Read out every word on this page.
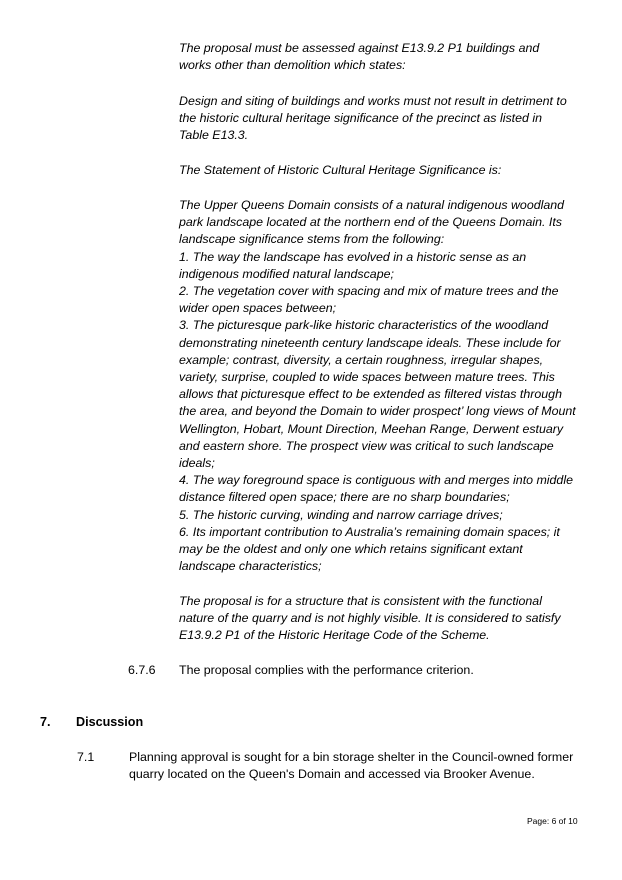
The proposal must be assessed against E13.9.2 P1 buildings and
works other than demolition which states:

Design and siting of buildings and works must not result in detriment to
the historic cultural heritage significance of the precinct as listed in
Table E13.3.

The Statement of Historic Cultural Heritage Significance is:

The Upper Queens Domain consists of a natural indigenous woodland
park landscape located at the northern end of the Queens Domain. Its
landscape significance stems from the following:
1. The way the landscape has evolved in a historic sense as an
indigenous modified natural landscape;
2. The vegetation cover with spacing and mix of mature trees and the
wider open spaces between;
3. The picturesque park-like historic characteristics of the woodland
demonstrating nineteenth century landscape ideals. These include for
example; contrast, diversity, a certain roughness, irregular shapes,
variety, surprise, coupled to wide spaces between mature trees. This
allows that picturesque effect to be extended as filtered vistas through
the area, and beyond the Domain to wider prospect’ long views of Mount
Wellington, Hobart, Mount Direction, Meehan Range, Derwent estuary
and eastern shore. The prospect view was critical to such landscape
ideals;
4. The way foreground space is contiguous with and merges into middle
distance filtered open space; there are no sharp boundaries;
5. The historic curving, winding and narrow carriage drives;
6. Its important contribution to Australia’s remaining domain spaces; it
may be the oldest and only one which retains significant extant
landscape characteristics;

The proposal is for a structure that is consistent with the functional
nature of the quarry and is not highly visible. It is considered to satisfy
E13.9.2 P1 of the Historic Heritage Code of the Scheme.

6.7.6 The proposal complies with the performance criterion.
7. Discussion
7.1	Planning approval is sought for a bin storage shelter in the Council-owned former
quarry located on the Queen's Domain and accessed via Brooker Avenue.
Page: 6 of 10
